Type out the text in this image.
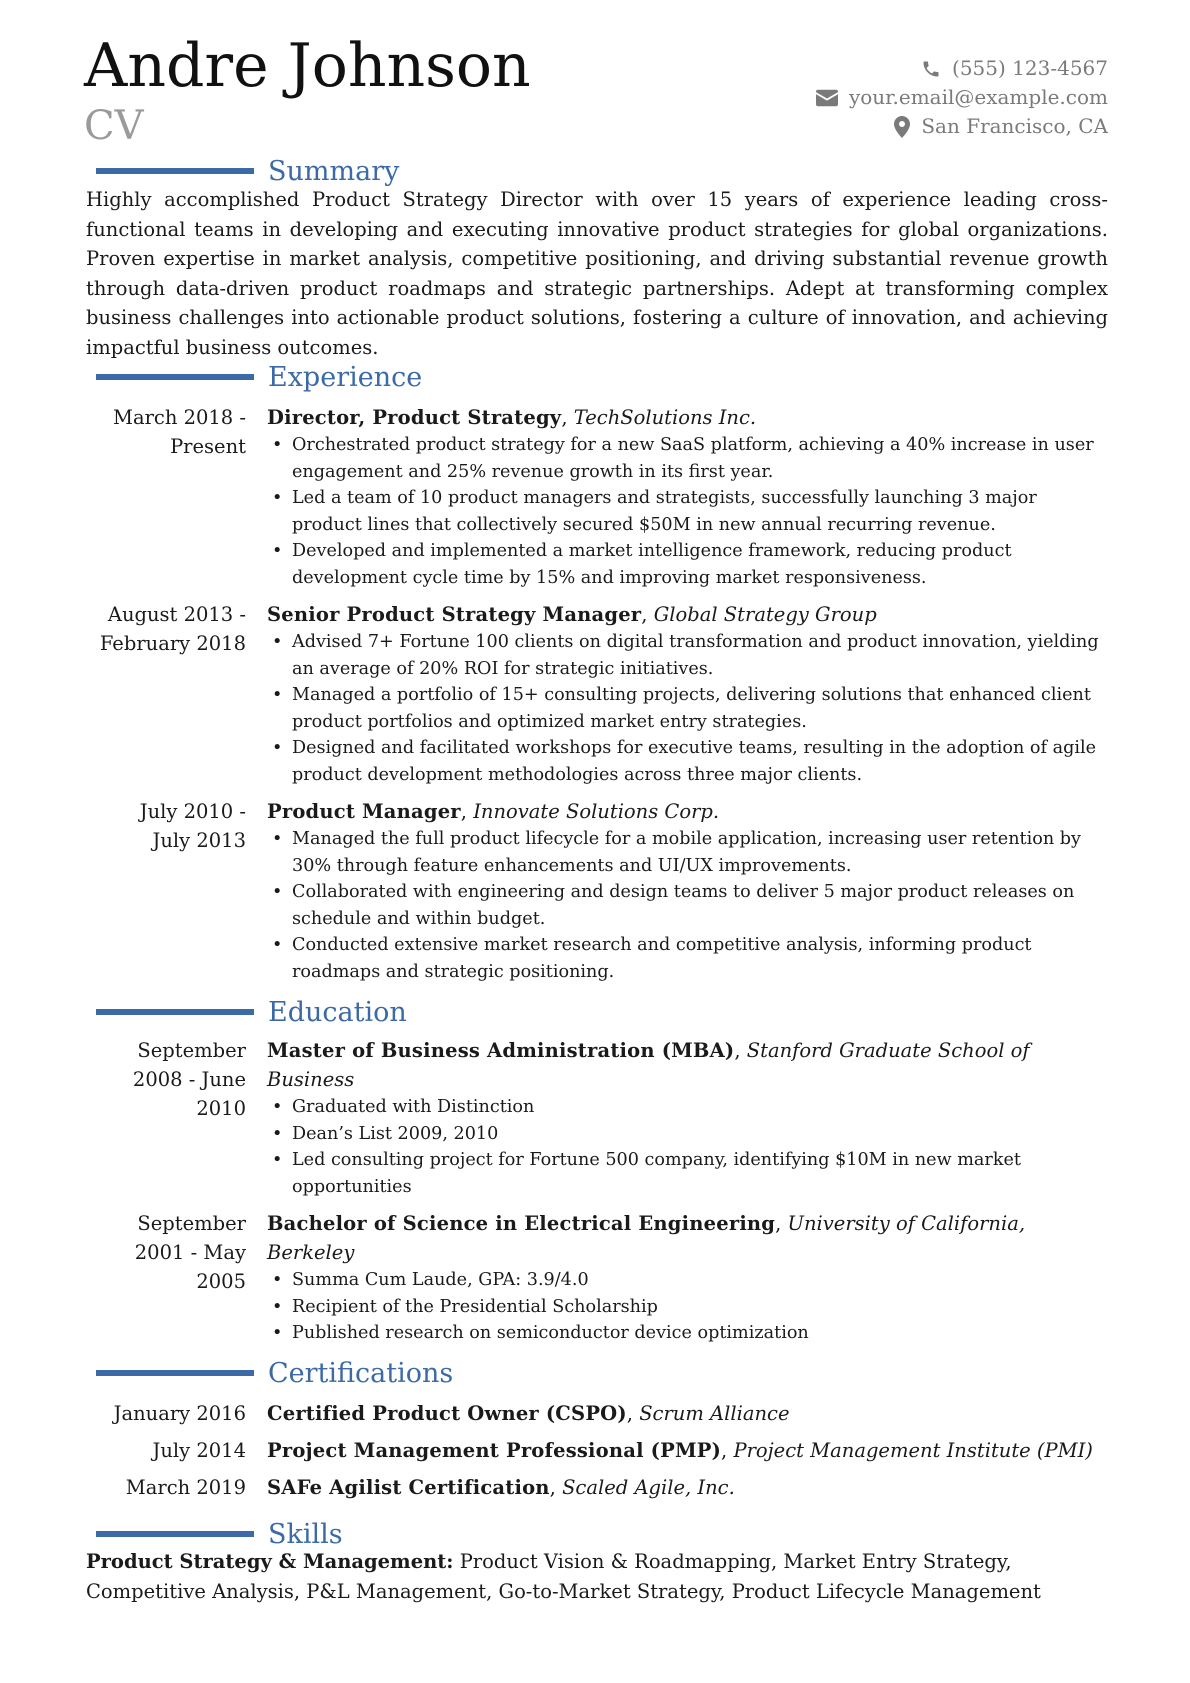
Andre Johnson
CV
(555) 123-4567
your.email@example.com
San Francisco, CA
Summary
Highly accomplished Product Strategy Director with over 15 years of experience leading cross-functional teams in developing and executing innovative product strategies for global organizations. Proven expertise in market analysis, competitive positioning, and driving substantial revenue growth through data-driven product roadmaps and strategic partnerships. Adept at transforming complex business challenges into actionable product solutions, fostering a culture of innovation, and achieving impactful business outcomes.
Experience
March 2018 - Present
Director, Product Strategy, TechSolutions Inc.
• Orchestrated product strategy for a new SaaS platform, achieving a 40% increase in user engagement and 25% revenue growth in its first year.
• Led a team of 10 product managers and strategists, successfully launching 3 major product lines that collectively secured $50M in new annual recurring revenue.
• Developed and implemented a market intelligence framework, reducing product development cycle time by 15% and improving market responsiveness.
August 2013 - February 2018
Senior Product Strategy Manager, Global Strategy Group
• Advised 7+ Fortune 100 clients on digital transformation and product innovation, yielding an average of 20% ROI for strategic initiatives.
• Managed a portfolio of 15+ consulting projects, delivering solutions that enhanced client product portfolios and optimized market entry strategies.
• Designed and facilitated workshops for executive teams, resulting in the adoption of agile product development methodologies across three major clients.
July 2010 - July 2013
Product Manager, Innovate Solutions Corp.
• Managed the full product lifecycle for a mobile application, increasing user retention by 30% through feature enhancements and UI/UX improvements.
• Collaborated with engineering and design teams to deliver 5 major product releases on schedule and within budget.
• Conducted extensive market research and competitive analysis, informing product roadmaps and strategic positioning.
Education
September 2008 - June 2010
Master of Business Administration (MBA), Stanford Graduate School of Business
• Graduated with Distinction
• Dean’s List 2009, 2010
• Led consulting project for Fortune 500 company, identifying $10M in new market opportunities
September 2001 - May 2005
Bachelor of Science in Electrical Engineering, University of California, Berkeley
• Summa Cum Laude, GPA: 3.9/4.0
• Recipient of the Presidential Scholarship
• Published research on semiconductor device optimization
Certifications
January 2016 Certified Product Owner (CSPO), Scrum Alliance
July 2014 Project Management Professional (PMP), Project Management Institute (PMI)
March 2019 SAFe Agilist Certification, Scaled Agile, Inc.
Skills
Product Strategy & Management: Product Vision & Roadmapping, Market Entry Strategy, Competitive Analysis, P&L Management, Go-to-Market Strategy, Product Lifecycle Management
